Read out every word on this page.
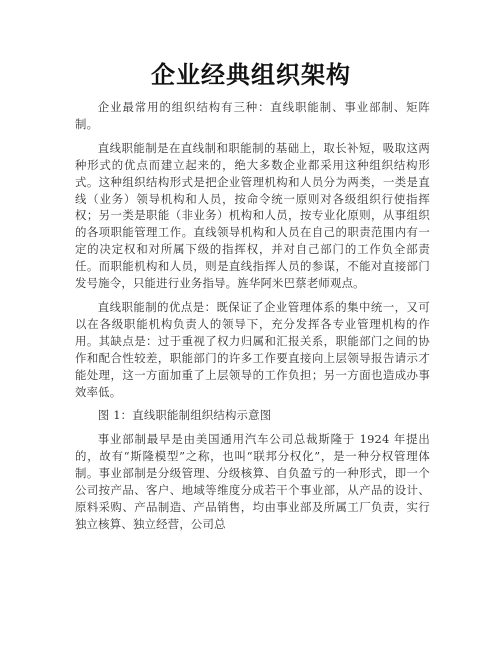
企业经典组织架构

企业最常用的组织结构有三种：直线职能制、事业部制、矩阵制。

直线职能制是在直线制和职能制的基础上，取长补短，吸取这两种形式的优点而建立起来的，绝大多数企业都采用这种组织结构形式。这种组织结构形式是把企业管理机构和人员分为两类，一类是直线（业务）领导机构和人员，按命令统一原则对各级组织行使指挥权；另一类是职能（非业务）机构和人员，按专业化原则，从事组织的各项职能管理工作。直线领导机构和人员在自己的职责范围内有一定的决定权和对所属下级的指挥权，并对自己部门的工作负全部责任。而职能机构和人员，则是直线指挥人员的参谋，不能对直接部门发号施令，只能进行业务指导。旌华阿米巴蔡老师观点。

直线职能制的优点是：既保证了企业管理体系的集中统一，又可以在各级职能机构负责人的领导下，充分发挥各专业管理机构的作用。其缺点是：过于重视了权力归属和汇报关系，职能部门之间的协作和配合性较差，职能部门的许多工作要直接向上层领导报告请示才能处理，这一方面加重了上层领导的工作负担；另一方面也造成办事效率低。

图 1：直线职能制组织结构示意图

事业部制最早是由美国通用汽车公司总裁斯隆于 1924 年提出的，故有“斯隆模型”之称，也叫“联邦分权化”，是一种分权管理体制。事业部制是分级管理、分级核算、自负盈亏的一种形式，即一个公司按产品、客户、地域等维度分成若干个事业部，从产品的设计、原料采购、产品制造、产品销售，均由事业部及所属工厂负责，实行独立核算、独立经营，公司总
